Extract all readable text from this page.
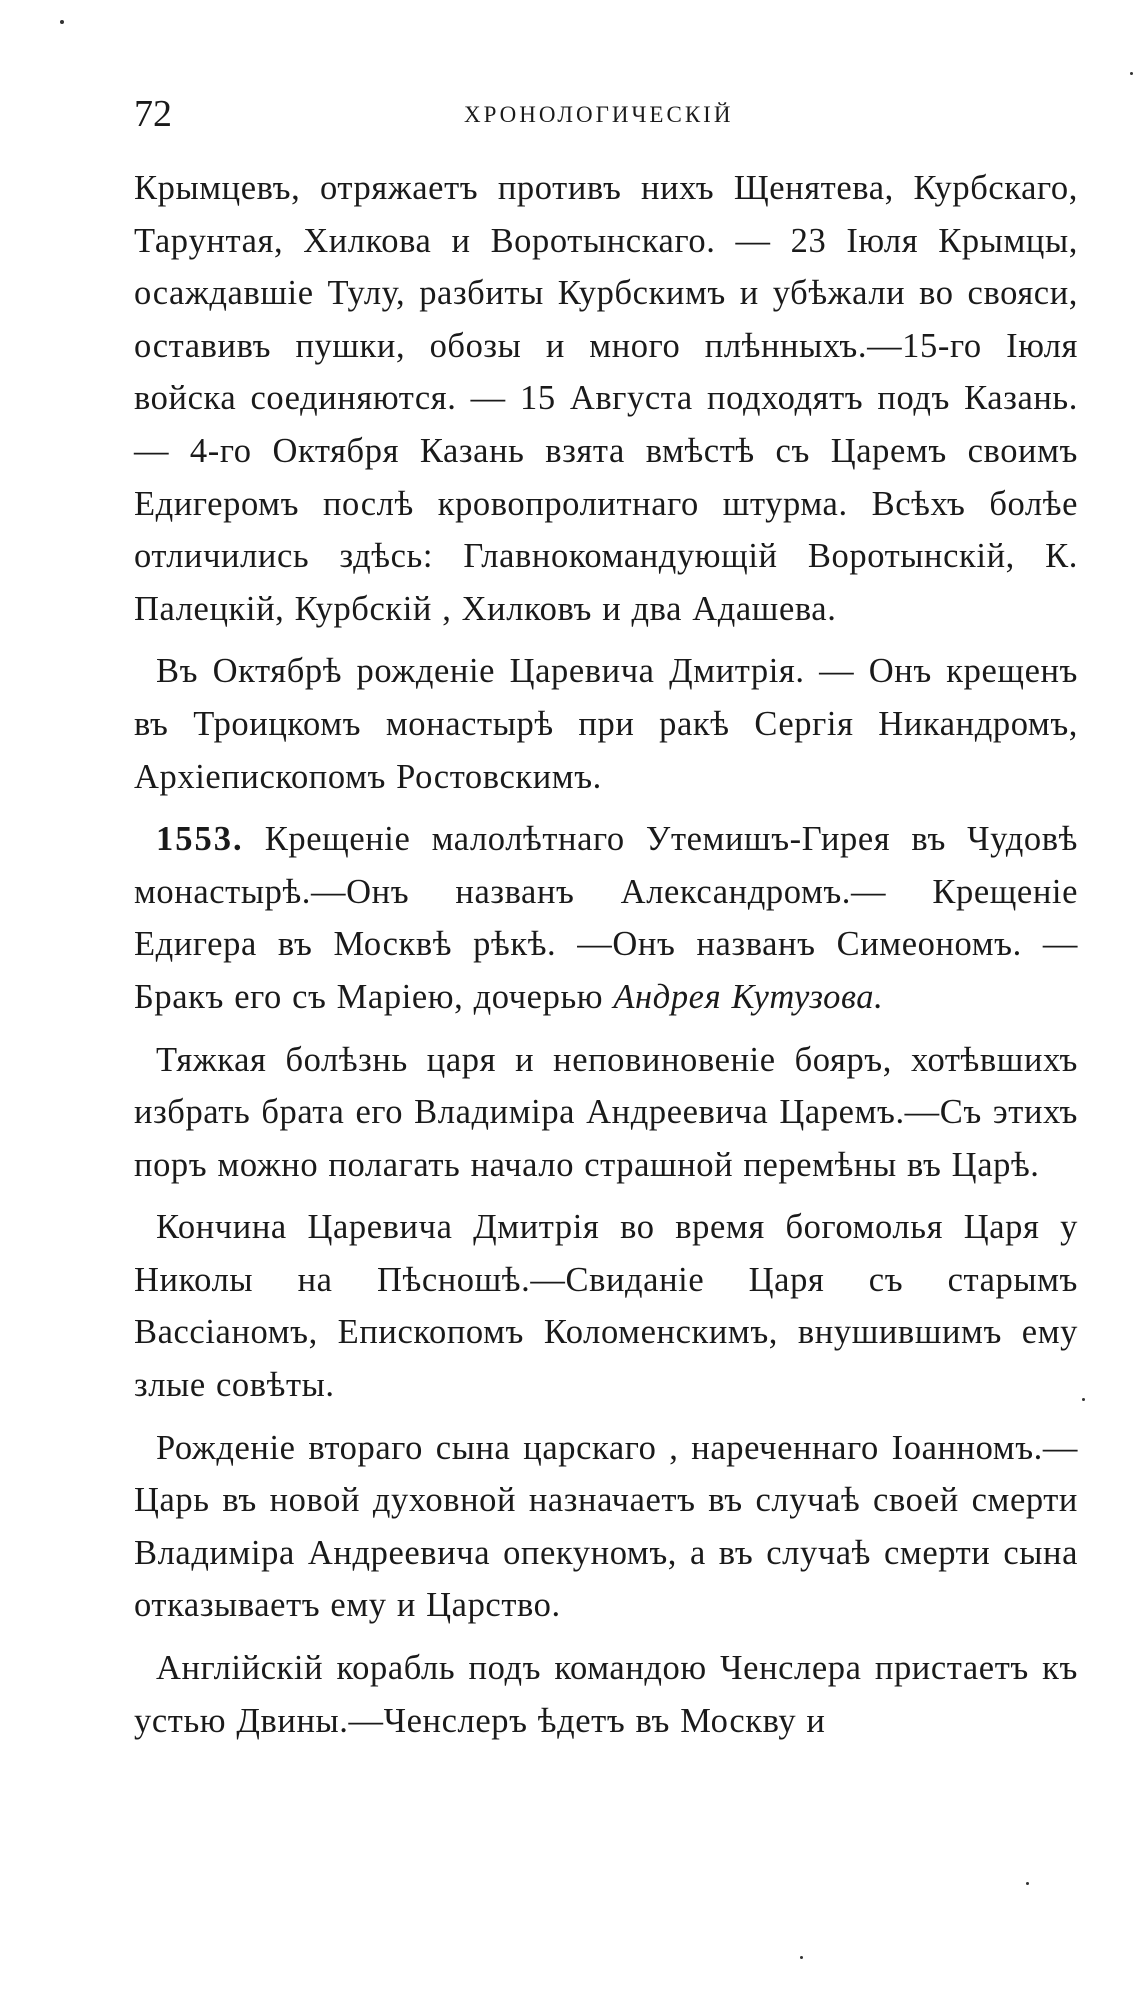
72	ХРОНОЛОГИЧЕСКІЙ

Крымцевъ, отряжаетъ противъ нихъ Щенятева, Курбскаго, Таpунтая, Хилкова и Воротынскаго. — 23 Іюля Крымцы, осаждавшіе Тулу, разбиты Курбскимъ и убѣжали во свояси, оставивъ пушки, обозы и много плѣнныхъ.—15-го Іюля войска соединяются. — 15 Августа подходятъ подъ Казань. — 4-го Октября Казань взята вмѣстѣ съ Царемъ своимъ Едигеромъ послѣ кровопролитнаго штурма. Всѣхъ болѣе отличились здѣсь: Главнокомандующій Воротынскій, К. Палецкій, Курбскій , Хилковъ и два Адашева.

Въ Октябрѣ рожденіе Царевича Дмитрія. — Онъ крещенъ въ Троицкомъ монастырѣ при ракѣ Сергія Никандромъ, Архіепископомъ Ростовскимъ.

1553. Крещеніе малолѣтнаго Утемишъ-Гирея въ Чудовѣ монастырѣ.—Онъ названъ Александромъ.— Крещеніе Едигера въ Москвѣ рѣкѣ. —Онъ названъ Симеономъ. —Бракъ его съ Маріею, дочерью Андрея Кутузова.

Тяжкая болѣзнь царя и неповиновеніе бояръ, хотѣвшихъ избрать брата его Владиміра Андреевича Царемъ.—Съ этихъ поръ можно полагать начало страшной перемѣны въ Царѣ.

Кончина Царевича Дмитрія во время богомолья Царя у Николы на Пѣсношѣ.—Свиданіе Царя съ старымъ Вассіаномъ, Епископомъ Коломенскимъ, внушившимъ ему злые совѣты.

Рожденіе втораго сына царскаго , нареченнаго Іоанномъ.—Царь въ новой духовной назначаетъ въ случаѣ своей смерти Владиміра Андреевича опекуномъ, а въ случаѣ смерти сына отказываетъ ему и Царство.

Англійскій корабль подъ командою Ченслера пристаетъ къ устью Двины.—Ченслеръ ѣдетъ въ Москву и
